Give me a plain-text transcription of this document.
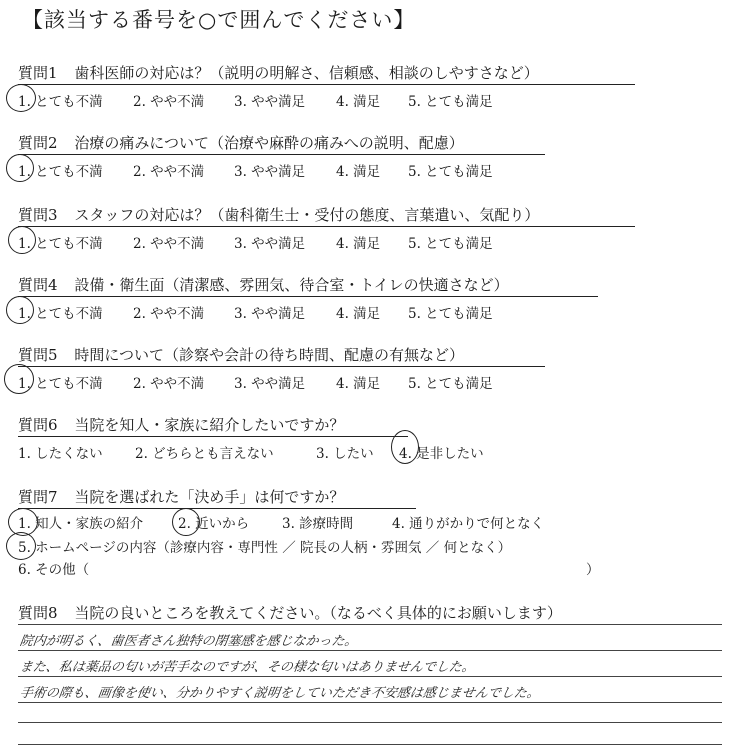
【該当する番号を○で囲んでください】
質問1 歯科医師の対応は？（説明の明解さ、信頼感、相談のしやすさなど）
1. とても不満 2. やや不満 3. やや満足 4. 満足 5. とても満足
質問2 治療の痛みについて（治療や麻酔の痛みへの説明、配慮）
1. とても不満 2. やや不満 3. やや満足 4. 満足 5. とても満足
質問3 スタッフの対応は？（歯科衛生士・受付の態度、言葉遣い、気配り）
1. とても不満 2. やや不満 3. やや満足 4. 満足 5. とても満足
質問4 設備・衛生面（清潔感、雰囲気、待合室・トイレの快適さなど）
1. とても不満 2. やや不満 3. やや満足 4. 満足 5. とても満足
質問5 時間について（診察や会計の待ち時間、配慮の有無など）
1. とても不満 2. やや不満 3. やや満足 4. 満足 5. とても満足
質問6 当院を知人・家族に紹介したいですか？
1. したくない 2. どちらとも言えない	3. したい 4. 是非したい
質問7 当院を選ばれた「決め手」は何ですか？
1. 知人・家族の紹介	2. 近いから 3. 診療時間	4. 通りがかりで何となく
5. ホームページの内容（診療内容・専門性 ／ 院長の人柄・雰囲気 ／ 何となく）
6. その他（	）
質問8 当院の良いところを教えてください。（なるべく具体的にお願いします）
院内が明るく、歯医者さん独特の閉塞感を感じなかった。
また、私は薬品の匂いが苦手なのですが、その様な匂いはありませんでした。
手術の際も、画像を使い、分かりやすく説明をしていただき不安感は感じませんでした。
